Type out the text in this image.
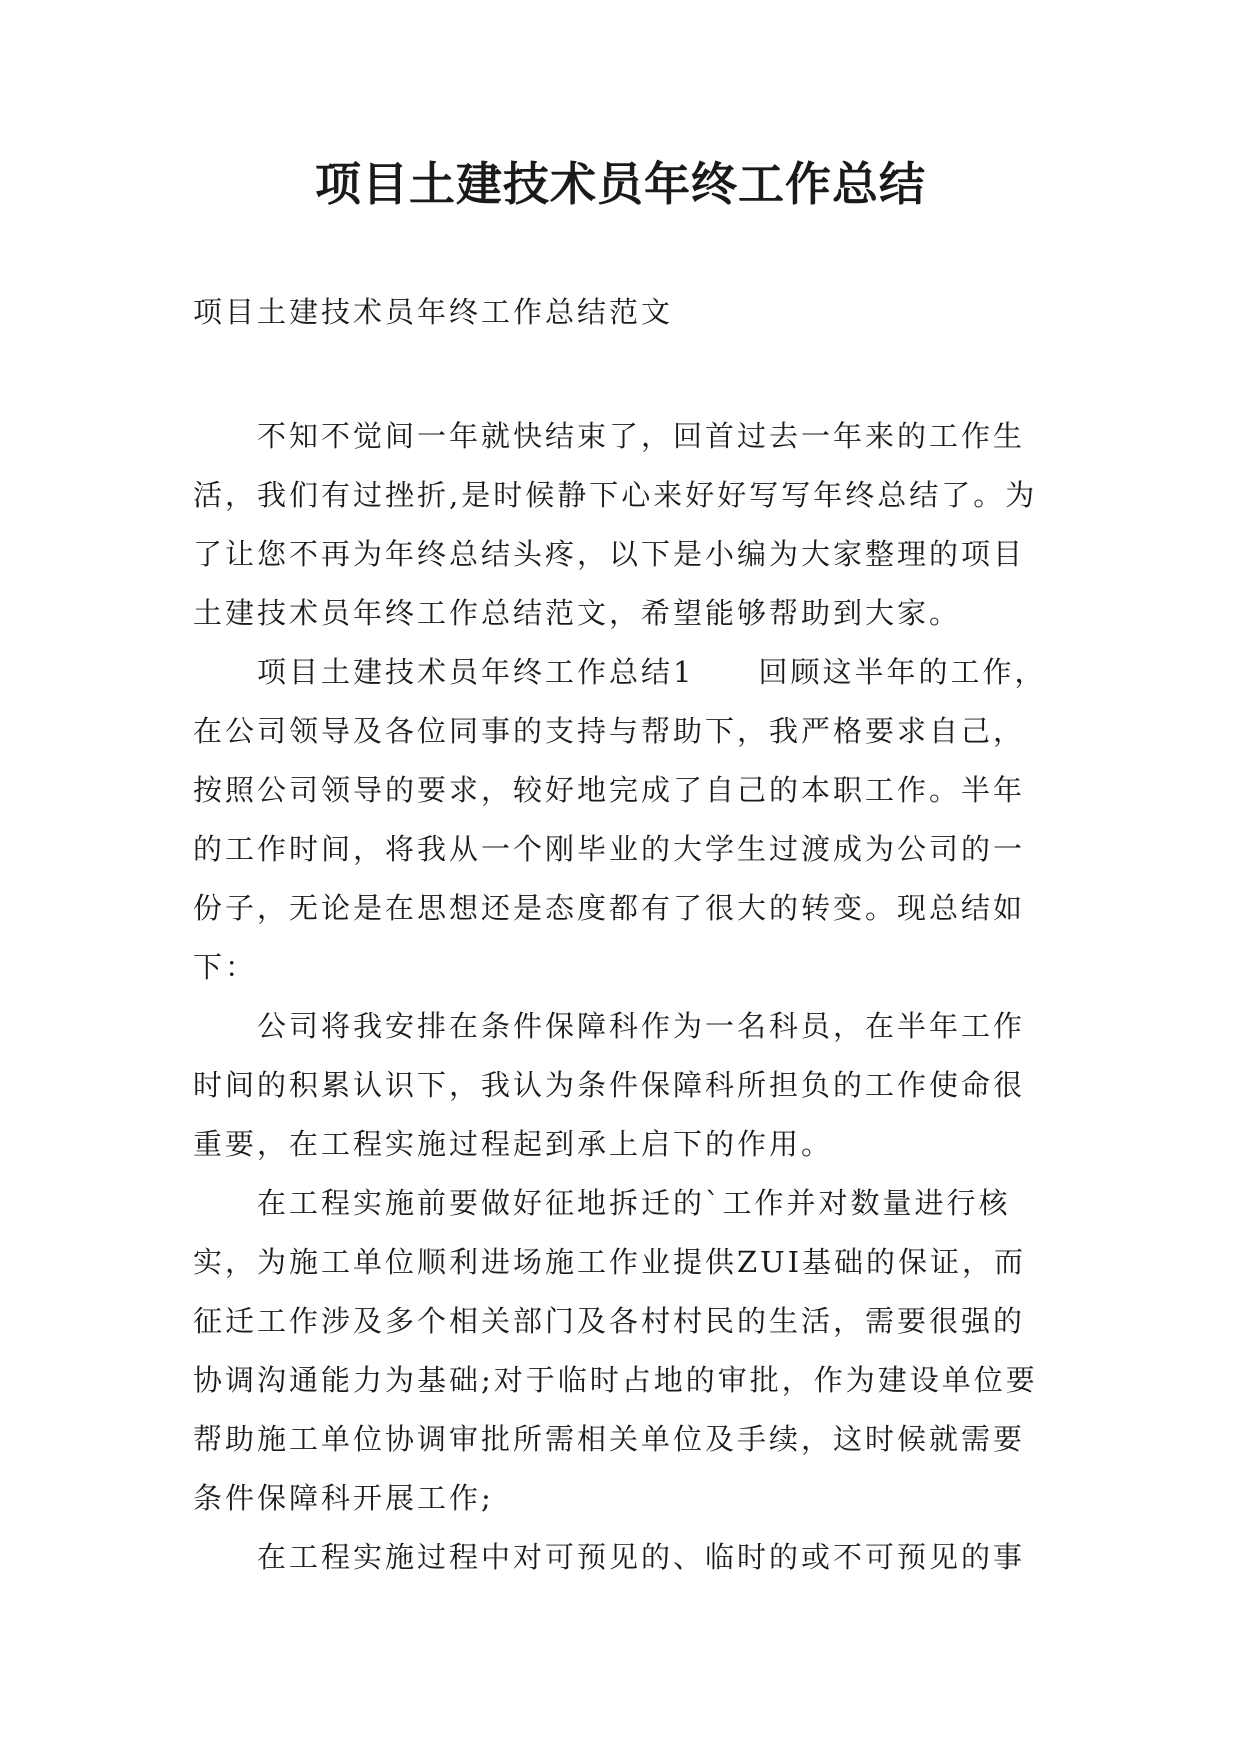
项目土建技术员年终工作总结

项目土建技术员年终工作总结范文

不知不觉间一年就快结束了，回首过去一年来的工作生活，我们有过挫折,是时候静下心来好好写写年终总结了。为了让您不再为年终总结头疼，以下是小编为大家整理的项目土建技术员年终工作总结范文，希望能够帮助到大家。

项目土建技术员年终工作总结1　　回顾这半年的工作，在公司领导及各位同事的支持与帮助下，我严格要求自己，按照公司领导的要求，较好地完成了自己的本职工作。半年的工作时间，将我从一个刚毕业的大学生过渡成为公司的一份子，无论是在思想还是态度都有了很大的转变。现总结如下：

公司将我安排在条件保障科作为一名科员，在半年工作时间的积累认识下，我认为条件保障科所担负的工作使命很重要，在工程实施过程起到承上启下的作用。

在工程实施前要做好征地拆迁的`工作并对数量进行核实，为施工单位顺利进场施工作业提供ZUI基础的保证，而征迁工作涉及多个相关部门及各村村民的生活，需要很强的协调沟通能力为基础;对于临时占地的审批，作为建设单位要帮助施工单位协调审批所需相关单位及手续，这时候就需要条件保障科开展工作;

在工程实施过程中对可预见的、临时的或不可预见的事
